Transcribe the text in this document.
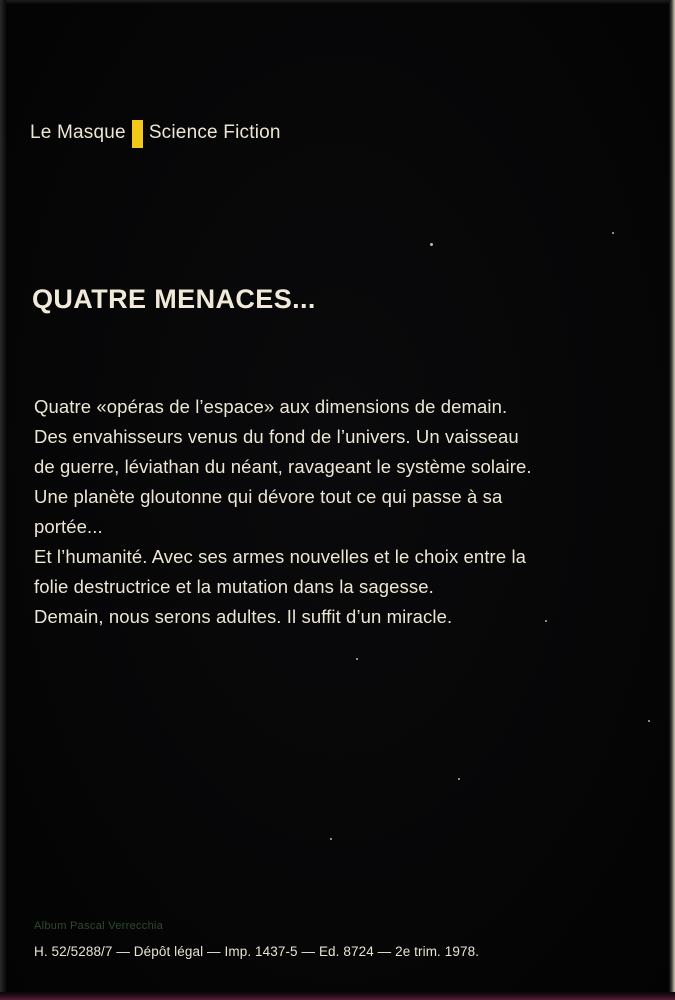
Le Masque Science Fiction
QUATRE MENACES...
Quatre «opéras de l’espace» aux dimensions de demain.
Des envahisseurs venus du fond de l’univers. Un vaisseau
de guerre, léviathan du néant, ravageant le système solaire.
Une planète gloutonne qui dévore tout ce qui passe à sa
portée...
Et l’humanité. Avec ses armes nouvelles et le choix entre la
folie destructrice et la mutation dans la sagesse.
Demain, nous serons adultes. Il suffit d’un miracle.
Album Pascal Verrecchia
H. 52/5288/7 — Dépôt légal — Imp. 1437-5 — Ed. 8724 — 2e trim. 1978.
